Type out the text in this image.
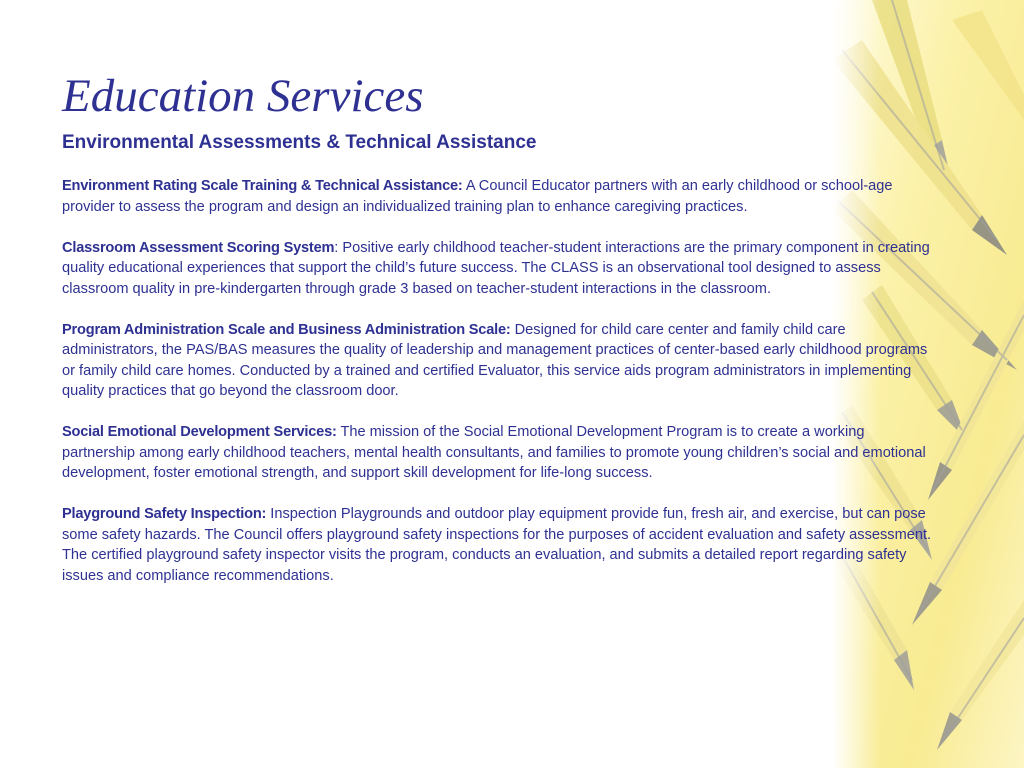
Education Services
Environmental Assessments & Technical Assistance

Environment Rating Scale Training & Technical Assistance: A Council Educator partners with an early childhood or school-age provider to assess the program and design an individualized training plan to enhance caregiving practices.

Classroom Assessment Scoring System: Positive early childhood teacher-student interactions are the primary component in creating quality educational experiences that support the child’s future success. The CLASS is an observational tool designed to assess classroom quality in pre-kindergarten through grade 3 based on teacher-student interactions in the classroom.

Program Administration Scale and Business Administration Scale: Designed for child care center and family child care administrators, the PAS/BAS measures the quality of leadership and management practices of center-based early childhood programs or family child care homes. Conducted by a trained and certified Evaluator, this service aids program administrators in implementing quality practices that go beyond the classroom door.

Social Emotional Development Services: The mission of the Social Emotional Development Program is to create a working partnership among early childhood teachers, mental health consultants, and families to promote young children’s social and emotional development, foster emotional strength, and support skill development for life-long success.

Playground Safety Inspection: Inspection Playgrounds and outdoor play equipment provide fun, fresh air, and exercise, but can pose some safety hazards. The Council offers playground safety inspections for the purposes of accident evaluation and safety assessment. The certified playground safety inspector visits the program, conducts an evaluation, and submits a detailed report regarding safety issues and compliance recommendations.
